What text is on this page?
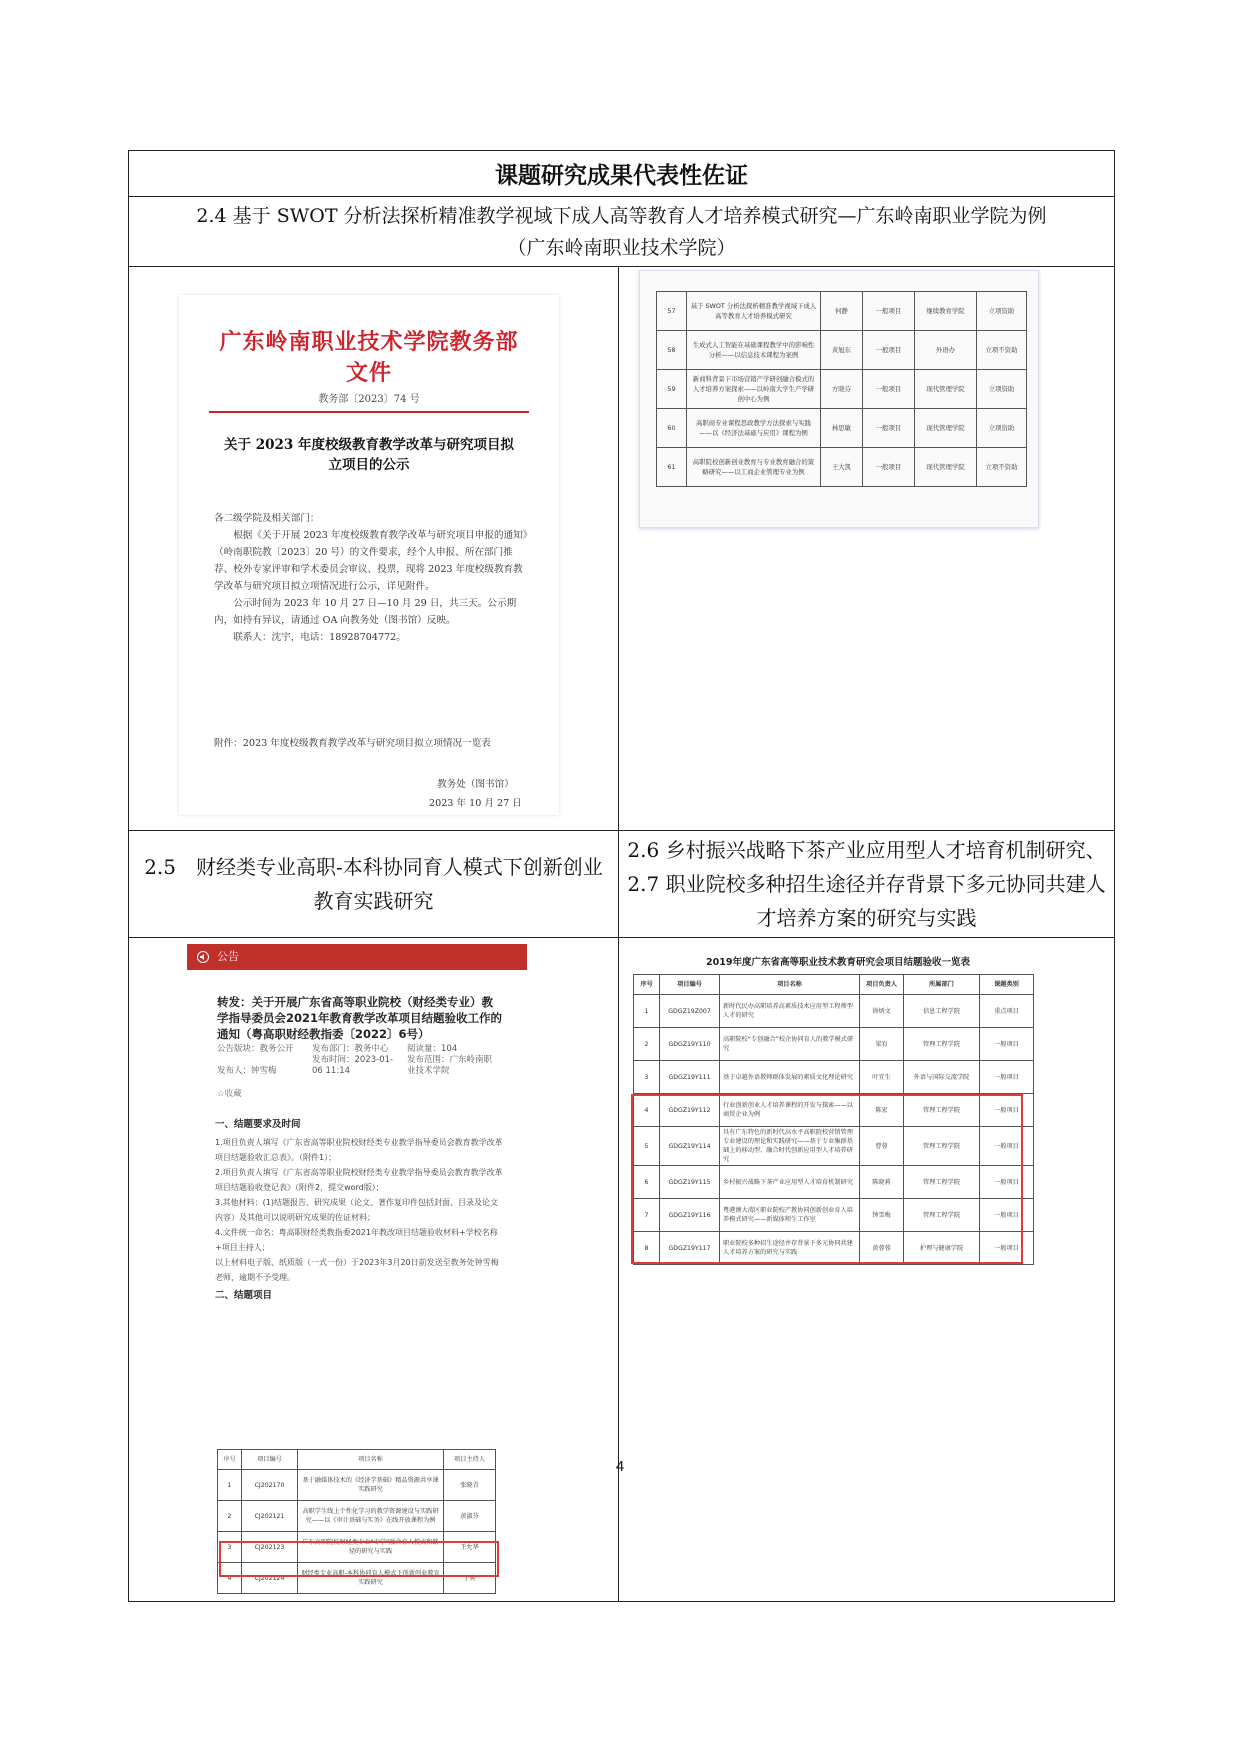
课题研究成果代表性佐证

2.4 基于 SWOT 分析法探析精准教学视域下成人高等教育人才培养模式研究—广东岭南职业学院为例
（广东岭南职业技术学院）

广东岭南职业技术学院教务部文件
教务部〔2023〕74 号
关于 2023 年度校级教育教学改革与研究项目拟立项目的公示

各二级学院及相关部门：

根据《关于开展 2023 年度校级教育教学改革与研究项目申报的通知》（岭南职院教〔2023〕20 号）的文件要求，经个人申报、所在部门推荐、校外专家评审和学术委员会审议、投票，现将 2023 年度校级教育教学改革与研究项目拟立项情况进行公示，详见附件。

公示时间为 2023 年 10 月 27 日—10 月 29 日，共三天。公示期内，如持有异议，请通过 OA 向教务处（图书馆）反映。

联系人：沈宇，电话：18928704772。

附件：2023 年度校级教育教学改革与研究项目拟立项情况一览表
教务处（图书馆）
2023 年 10 月 27 日

57	基于 SWOT 分析法探析精准教学视域下成人高等教育人才培养模式研究	何静	一般项目	继续教育学院	立项资助
58	生成式人工智能在基础课程教学中的影响性分析——以信息技术课程为案例	黄旭东	一般项目	外语办	立项不资助
59	新商科背景下市场营销产学研创融合模式的人才培养方案探索——以岭南大学生产学研创中心为例	方晓芬	一般项目	现代管理学院	立项资助
60	高职商专业课程思政教学方法探索与实践——以《经济法基础与应用》课程为例	林思敏	一般项目	现代管理学院	立项资助
61	高职院校创新创业教育与专业教育融合的策略研究——以工商企业管理专业为例	王大凯	一般项目	现代管理学院	立项不资助

2.5　财经类专业高职-本科协同育人模式下创新创业教育实践研究	2.6 乡村振兴战略下茶产业应用型人才培育机制研究、2.7 职业院校多种招生途径并存背景下多元协同共建人才培养方案的研究与实践

公告
转发：关于开展广东省高等职业院校（财经类专业）教学指导委员会2021年教育教学改革项目结题验收工作的通知（粤高职财经教指委〔2022〕6号）
公告版块：教务公开 发布部门：教务中心 阅读量：104
发布人：钟雪梅
发布时间：2023-01-06 11:14
发布范围：广东岭南职业技术学院
☆收藏
一、结题要求及时间

1.项目负责人填写《广东省高等职业院校财经类专业教学指导委员会教育教学改革项目结题验收汇总表》。（附件1）；

2.项目负责人填写《广东省高等职业院校财经类专业教学指导委员会教育教学改革项目结题验收登记表》（附件2，提交word版）；

3.其他材料：(1)结题报告、研究成果（论文、著作复印件包括封面、目录及论文内容）及其他可以说明研究成果的佐证材料；

4.文件统一命名：粤高职财经类教指委2021年教改项目结题验收材料+学校名称+项目主持人；

以上材料电子版、纸质版（一式一份）于2023年3月20日前发送至教务处钟雪梅老师，逾期不予受理。

二、结题项目
序号	项目编号	项目名称	项目主持人
1	CJ202170	基于融媒体技术的《经济学基础》精品资源共享课实践研究	张晓青
2	CJ202121	高职学生线上个性化学习的教学资源建设与实践研究——以《审计基础与实务》在线开放课程为例	黄淑芬
3	CJ202123	广东高职院校财经类专业“专学”融合育人模式和路径的研究与实践	王允华
4	CJ202124	财经类专业高职-本科协同育人模式下创新创业教育实践研究	丁爽

2019年度广东省高等职业技术教育研究会项目结题验收一览表
序号	项目编号	项目名称	项目负责人	所属部门	课题类别
1	GDGZ19Z007	新时代民办高职培养高素质技术应用型工程师型人才的研究	徐炳文	信息工程学院	重点项目
2	GDGZ19Y110	高职院校“专创融合”校企协同育人的教学模式研究	梁宥	管理工程学院	一般项目
3	GDGZ19Y111	基于卓越外语教师群体发展的素质文化理论研究	叶宜生	外语与国际交流学院	一般项目
4	GDGZ19Y112	行业创新创业人才培养课程的开发与探索——以商贸企业为例	陈宏	管理工程学院	一般项目
5	GDGZ19Y114	具有广东特色的新时代高水平高职院校营销管理专业建设的理论和实践研究——基于专业集群基础上的移动型、融合时代创新应用型人才培养研究	曹蓉	管理工程学院	一般项目
6	GDGZ19Y115	乡村振兴战略下茶产业应用型人才培育机制研究	陈晓莉	管理工程学院	一般项目
7	GDGZ19Y116	粤港澳大湾区职业院校产教协同创新创业育人培养模式研究——新媒体师生工作室	钟雪梅	管理工程学院	一般项目
8	GDGZ19Y117	职业院校多种招生途径并存背景下多元协同共建人才培养方案的研究与实践	黄蓉蓉	护理与健康学院	一般项目
4
